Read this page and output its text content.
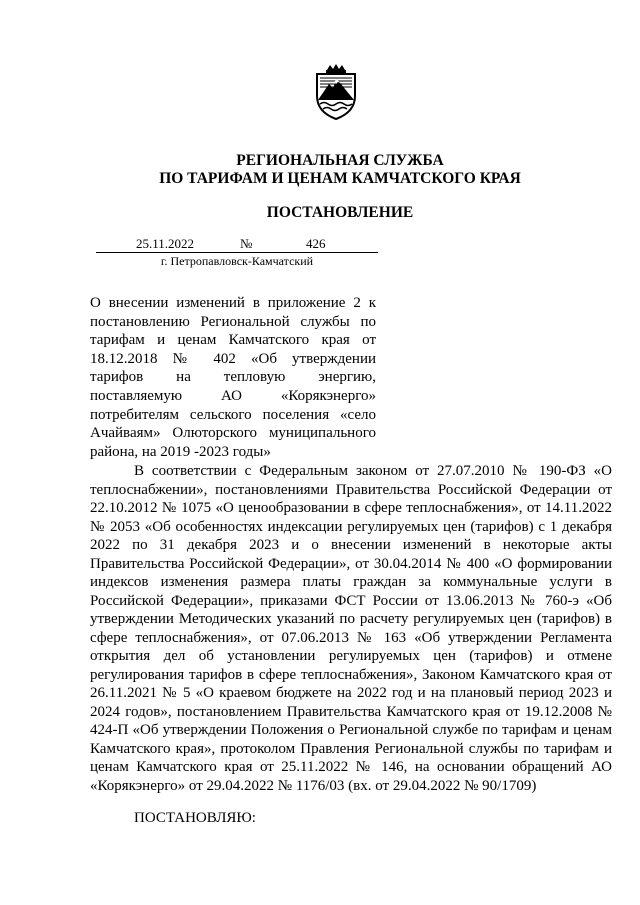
РЕГИОНАЛЬНАЯ СЛУЖБА
ПО ТАРИФАМ И ЦЕНАМ КАМЧАТСКОГО КРАЯ
ПОСТАНОВЛЕНИЕ
25.11.2022	№	426
г. Петропавловск-Камчатский
О внесении изменений в приложение 2 к постановлению Региональной службы по тарифам и ценам Камчатского края от 18.12.2018 № 402 «Об утверждении тарифов на тепловую энергию, поставляемую АО «Корякэнерго» потребителям сельского поселения «село Ачайваям» Олюторского муниципального района, на 2019 -2023 годы»
В соответствии с Федеральным законом от 27.07.2010 № 190-ФЗ «О теплоснабжении», постановлениями Правительства Российской Федерации от 22.10.2012 № 1075 «О ценообразовании в сфере теплоснабжения», от 14.11.2022 № 2053 «Об особенностях индексации регулируемых цен (тарифов) с 1 декабря 2022 по 31 декабря 2023 и о внесении изменений в некоторые акты Правительства Российской Федерации», от 30.04.2014 № 400 «О формировании индексов изменения размера платы граждан за коммунальные услуги в Российской Федерации», приказами ФСТ России от 13.06.2013 № 760-э «Об утверждении Методических указаний по расчету регулируемых цен (тарифов) в сфере теплоснабжения», от 07.06.2013 № 163 «Об утверждении Регламента открытия дел об установлении регулируемых цен (тарифов) и отмене регулирования тарифов в сфере теплоснабжения», Законом Камчатского края от 26.11.2021 № 5 «О краевом бюджете на 2022 год и на плановый период 2023 и 2024 годов», постановлением Правительства Камчатского края от 19.12.2008 № 424-П «Об утверждении Положения о Региональной службе по тарифам и ценам Камчатского края», протоколом Правления Региональной службы по тарифам и ценам Камчатского края от 25.11.2022 № 146, на основании обращений АО «Корякэнерго» от 29.04.2022 № 1176/03 (вх. от 29.04.2022 № 90/1709)
ПОСТАНОВЛЯЮ:
